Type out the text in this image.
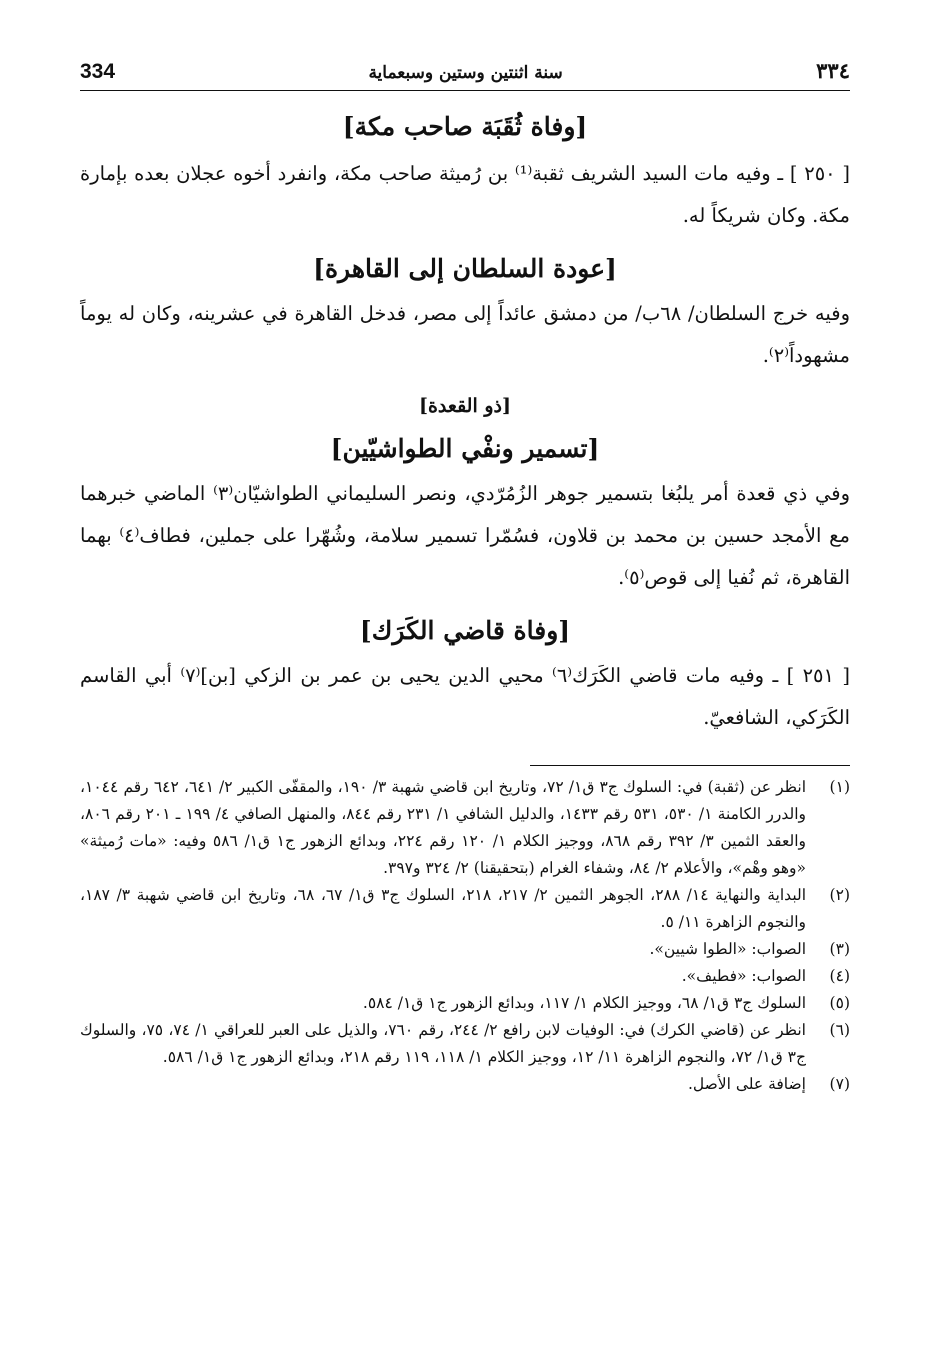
334	سنة اثنتين وستين وسبعماية	٣٣٤
[وفاة ثُقَبَة صاحب مكة]

[ ٢٥٠ ] ـ وفيه مات السيد الشريف ثقبة⁽¹⁾ بن رُميثة صاحب مكة، وانفرد أخوه عجلان بعده بإمارة مكة. وكان شريكاً له.

[عودة السلطان إلى القاهرة]

وفيه خرج السلطان/ ٦٨ب/ من دمشق عائداً إلى مصر، فدخل القاهرة في عشرينه، وكان له يوماً مشهوداً⁽٢⁾.

[ذو القعدة]
[تسمير ونفْي الطواشيّين]

وفي ذي قعدة أمر يلبُغا بتسمير جوهر الزُمُرّدي، ونصر السليماني الطواشيّان⁽٣⁾ الماضي خبرهما مع الأمجد حسين بن محمد بن قلاون، فسُمّرا تسمير سلامة، وشُهّرا على جملين، فطاف⁽٤⁾ بهما القاهرة، ثم نُفيا إلى قوص⁽٥⁾.

[وفاة قاضي الكَرَك]

[ ٢٥١ ] ـ وفيه مات قاضي الكَرَك⁽٦⁾ محيي الدين يحيى بن عمر بن الزكي [بن]⁽٧⁾ أبي القاسم الكَرَكي، الشافعيّ.

(١)
انظر عن (ثقبة) في: السلوك ج٣ ق١/ ٧٢، وتاريخ ابن قاضي شهبة ٣/ ١٩٠، والمقفّى الكبير ٢/ ٦٤١، ٦٤٢ رقم ١٠٤٤، والدرر الكامنة ١/ ٥٣٠، ٥٣١ رقم ١٤٣٣، والدليل الشافي ١/ ٢٣١ رقم ٨٤٤، والمنهل الصافي ٤/ ١٩٩ ـ ٢٠١ رقم ٨٠٦، والعقد الثمين ٣/ ٣٩٢ رقم ٨٦٨، ووجيز الكلام ١/ ١٢٠ رقم ٢٢٤، وبدائع الزهور ج١ ق١/ ٥٨٦ وفيه: «مات رُميثة» «وهو وهْم»، والأعلام ٢/ ٨٤، وشفاء الغرام (بتحقيقنا) ٢/ ٣٢٤ و٣٩٧.
(٢)
البداية والنهاية ١٤/ ٢٨٨، الجوهر الثمين ٢/ ٢١٧، ٢١٨، السلوك ج٣ ق١/ ٦٧، ٦٨، وتاريخ ابن قاضي شهبة ٣/ ١٨٧، والنجوم الزاهرة ١١/ ٥.
(٣)
الصواب: «الطوا شيين».
(٤)
الصواب: «فطيف».
(٥)
السلوك ج٣ ق١/ ٦٨، ووجيز الكلام ١/ ١١٧، وبدائع الزهور ج١ ق١/ ٥٨٤.
(٦)
انظر عن (قاضي الكرك) في: الوفيات لابن رافع ٢/ ٢٤٤، رقم ٧٦٠، والذيل على العبر للعراقي ١/ ٧٤، ٧٥، والسلوك ج٣ ق١/ ٧٢، والنجوم الزاهرة ١١/ ١٢، ووجيز الكلام ١/ ١١٨، ١١٩ رقم ٢١٨، وبدائع الزهور ج١ ق١/ ٥٨٦.
(٧)
إضافة على الأصل.
